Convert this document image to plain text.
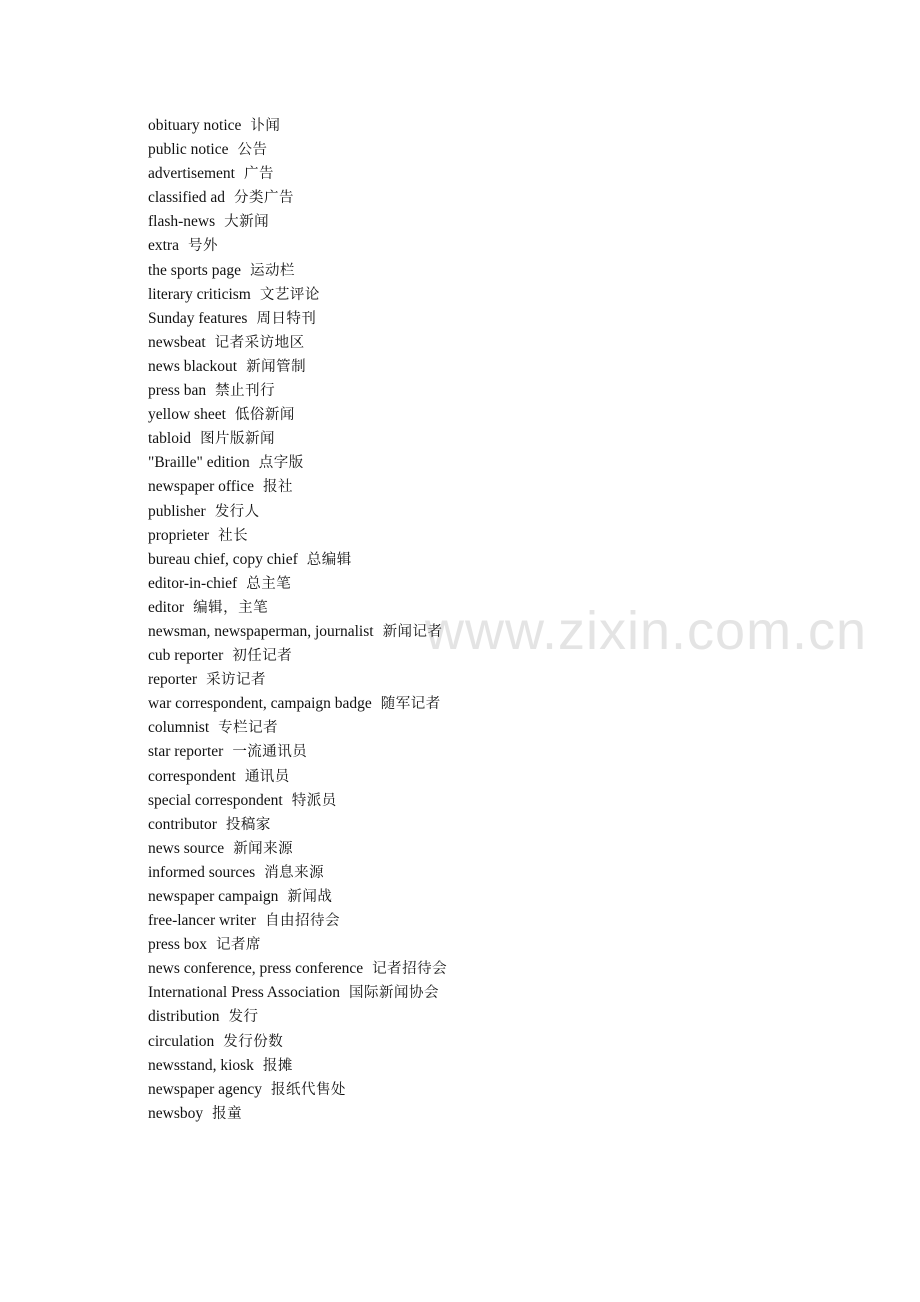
www.zixin.com.cn
obituary notice 讣闻
public notice 公告
advertisement 广告
classified ad 分类广告
flash-news 大新闻
extra 号外
the sports page 运动栏
literary criticism 文艺评论
Sunday features 周日特刊
newsbeat 记者采访地区
news blackout 新闻管制
press ban 禁止刊行
yellow sheet 低俗新闻
tabloid 图片版新闻
"Braille" edition 点字版
newspaper office 报社
publisher 发行人
proprieter 社长
bureau chief, copy chief 总编辑
editor-in-chief 总主笔
editor 编辑，主笔
newsman, newspaperman, journalist 新闻记者
cub reporter 初任记者
reporter 采访记者
war correspondent, campaign badge 随军记者
columnist 专栏记者
star reporter 一流通讯员
correspondent 通讯员
special correspondent 特派员
contributor 投稿家
news source 新闻来源
informed sources 消息来源
newspaper campaign 新闻战
free-lancer writer 自由招待会
press box 记者席
news conference, press conference 记者招待会
International Press Association 国际新闻协会
distribution 发行
circulation 发行份数
newsstand, kiosk 报摊
newspaper agency 报纸代售处
newsboy 报童
